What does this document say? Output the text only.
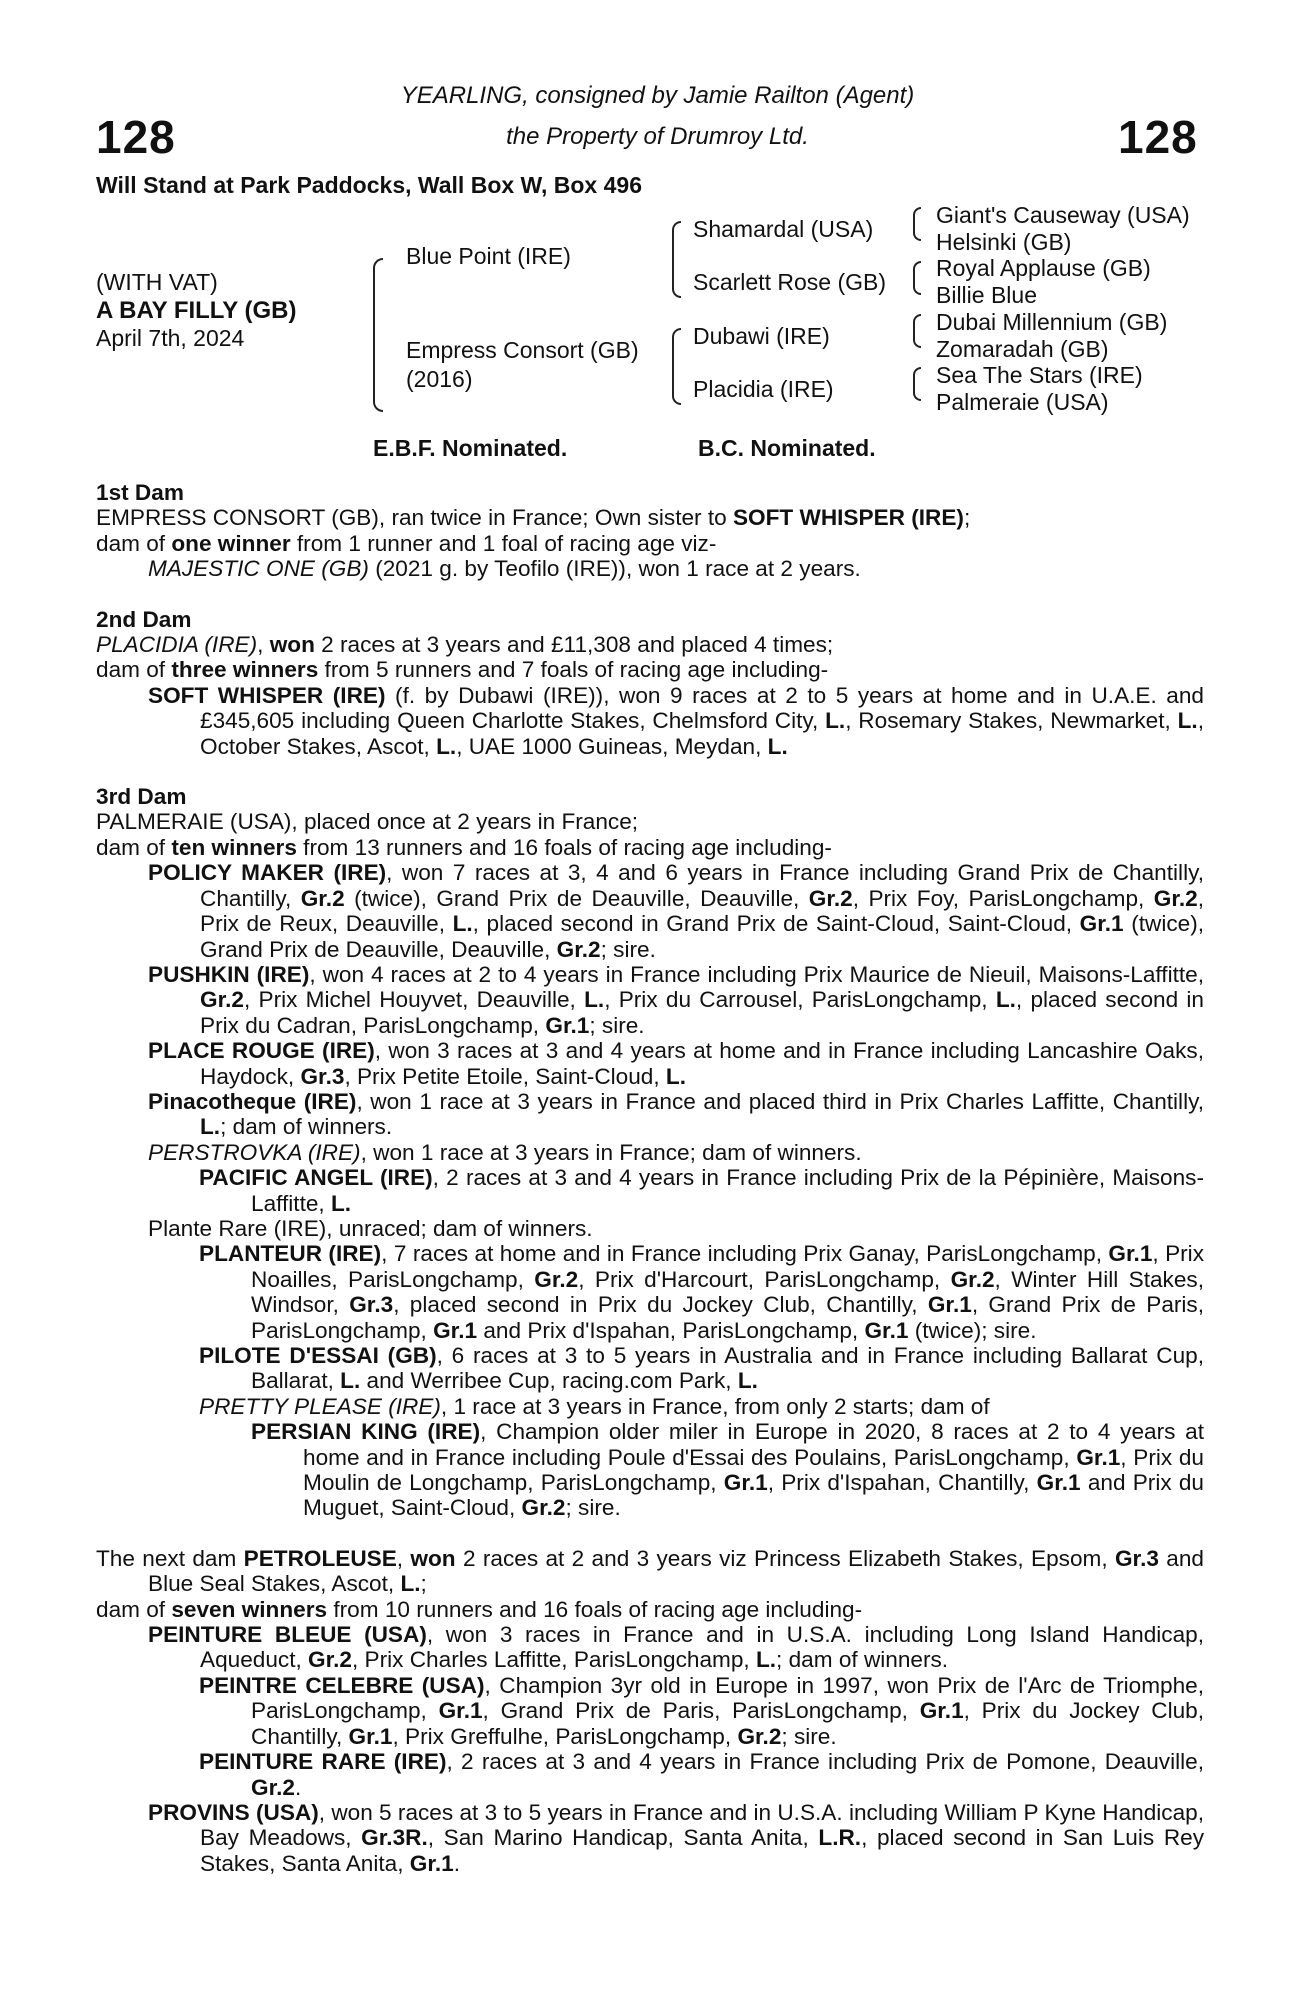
128	128
YEARLING, consigned by Jamie Railton (Agent)
the Property of Drumroy Ltd.
Will Stand at Park Paddocks, Wall Box W, Box 496
(WITH VAT)
A BAY FILLY (GB)
April 7th, 2024
Blue Point (IRE)
Empress Consort (GB)
(2016)
Shamardal (USA)
Scarlett Rose (GB)
Dubawi (IRE)
Placidia (IRE)
Giant's Causeway (USA)
Helsinki (GB)
Royal Applause (GB)
Billie Blue
Dubai Millennium (GB)
Zomaradah (GB)
Sea The Stars (IRE)
Palmeraie (USA)
E.B.F. Nominated.	B.C. Nominated.
1st Dam
EMPRESS CONSORT (GB), ran twice in France; Own sister to SOFT WHISPER (IRE);
dam of one winner from 1 runner and 1 foal of racing age viz-
MAJESTIC ONE (GB) (2021 g. by Teofilo (IRE)), won 1 race at 2 years.
2nd Dam
PLACIDIA (IRE), won 2 races at 3 years and £11,308 and placed 4 times;
dam of three winners from 5 runners and 7 foals of racing age including-
SOFT WHISPER (IRE) (f. by Dubawi (IRE)), won 9 races at 2 to 5 years at home and in U.A.E. and £345,605 including Queen Charlotte Stakes, Chelmsford City, L., Rosemary Stakes, Newmarket, L., October Stakes, Ascot, L., UAE 1000 Guineas, Meydan, L.
3rd Dam
PALMERAIE (USA), placed once at 2 years in France;
dam of ten winners from 13 runners and 16 foals of racing age including-
POLICY MAKER (IRE), won 7 races at 3, 4 and 6 years in France including Grand Prix de Chantilly, Chantilly, Gr.2 (twice), Grand Prix de Deauville, Deauville, Gr.2, Prix Foy, ParisLongchamp, Gr.2, Prix de Reux, Deauville, L., placed second in Grand Prix de Saint-Cloud, Saint-Cloud, Gr.1 (twice), Grand Prix de Deauville, Deauville, Gr.2; sire.
PUSHKIN (IRE), won 4 races at 2 to 4 years in France including Prix Maurice de Nieuil, Maisons-Laffitte, Gr.2, Prix Michel Houyvet, Deauville, L., Prix du Carrousel, ParisLongchamp, L., placed second in Prix du Cadran, ParisLongchamp, Gr.1; sire.
PLACE ROUGE (IRE), won 3 races at 3 and 4 years at home and in France including Lancashire Oaks, Haydock, Gr.3, Prix Petite Etoile, Saint-Cloud, L.
Pinacotheque (IRE), won 1 race at 3 years in France and placed third in Prix Charles Laffitte, Chantilly, L.; dam of winners.
PERSTROVKA (IRE), won 1 race at 3 years in France; dam of winners.
PACIFIC ANGEL (IRE), 2 races at 3 and 4 years in France including Prix de la Pépinière, Maisons-Laffitte, L.
Plante Rare (IRE), unraced; dam of winners.
PLANTEUR (IRE), 7 races at home and in France including Prix Ganay, ParisLongchamp, Gr.1, Prix Noailles, ParisLongchamp, Gr.2, Prix d'Harcourt, ParisLongchamp, Gr.2, Winter Hill Stakes, Windsor, Gr.3, placed second in Prix du Jockey Club, Chantilly, Gr.1, Grand Prix de Paris, ParisLongchamp, Gr.1 and Prix d'Ispahan, ParisLongchamp, Gr.1 (twice); sire.
PILOTE D'ESSAI (GB), 6 races at 3 to 5 years in Australia and in France including Ballarat Cup, Ballarat, L. and Werribee Cup, racing.com Park, L.
PRETTY PLEASE (IRE), 1 race at 3 years in France, from only 2 starts; dam of
PERSIAN KING (IRE), Champion older miler in Europe in 2020, 8 races at 2 to 4 years at home and in France including Poule d'Essai des Poulains, ParisLongchamp, Gr.1, Prix du Moulin de Longchamp, ParisLongchamp, Gr.1, Prix d'Ispahan, Chantilly, Gr.1 and Prix du Muguet, Saint-Cloud, Gr.2; sire.
The next dam PETROLEUSE, won 2 races at 2 and 3 years viz Princess Elizabeth Stakes, Epsom, Gr.3 and Blue Seal Stakes, Ascot, L.;
dam of seven winners from 10 runners and 16 foals of racing age including-
PEINTURE BLEUE (USA), won 3 races in France and in U.S.A. including Long Island Handicap, Aqueduct, Gr.2, Prix Charles Laffitte, ParisLongchamp, L.; dam of winners.
PEINTRE CELEBRE (USA), Champion 3yr old in Europe in 1997, won Prix de l'Arc de Triomphe, ParisLongchamp, Gr.1, Grand Prix de Paris, ParisLongchamp, Gr.1, Prix du Jockey Club, Chantilly, Gr.1, Prix Greffulhe, ParisLongchamp, Gr.2; sire.
PEINTURE RARE (IRE), 2 races at 3 and 4 years in France including Prix de Pomone, Deauville, Gr.2.
PROVINS (USA), won 5 races at 3 to 5 years in France and in U.S.A. including William P Kyne Handicap, Bay Meadows, Gr.3R., San Marino Handicap, Santa Anita, L.R., placed second in San Luis Rey Stakes, Santa Anita, Gr.1.
